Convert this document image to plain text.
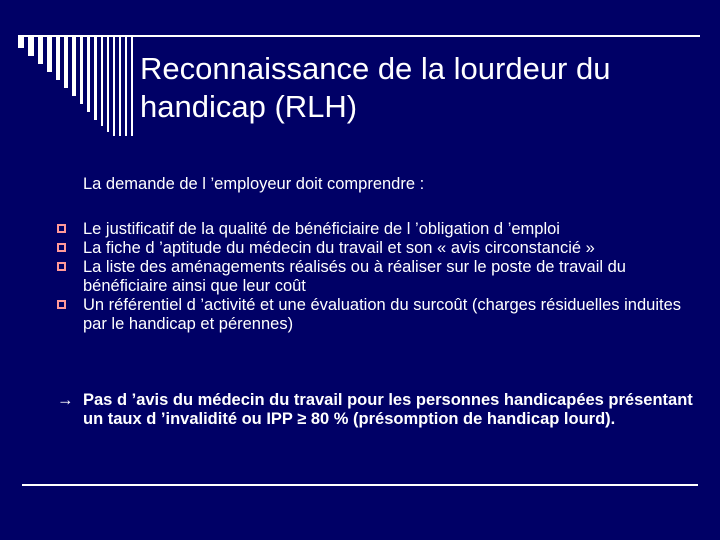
Reconnaissance de la lourdeur du handicap (RLH)
La demande de l ’employeur doit comprendre :
Le justificatif de la qualité de bénéficiaire de l ’obligation d ’emploi
La fiche d ’aptitude du médecin du travail et son « avis circonstancié »
La liste des aménagements réalisés ou à réaliser sur le poste de travail du bénéficiaire ainsi que leur coût
Un référentiel d ’activité et une évaluation du surcoût (charges résiduelles induites par le handicap et pérennes)
→ Pas d ’avis du médecin du travail pour les personnes handicapées présentant un taux d ’invalidité ou IPP ≥ 80 % (présomption de handicap lourd).
